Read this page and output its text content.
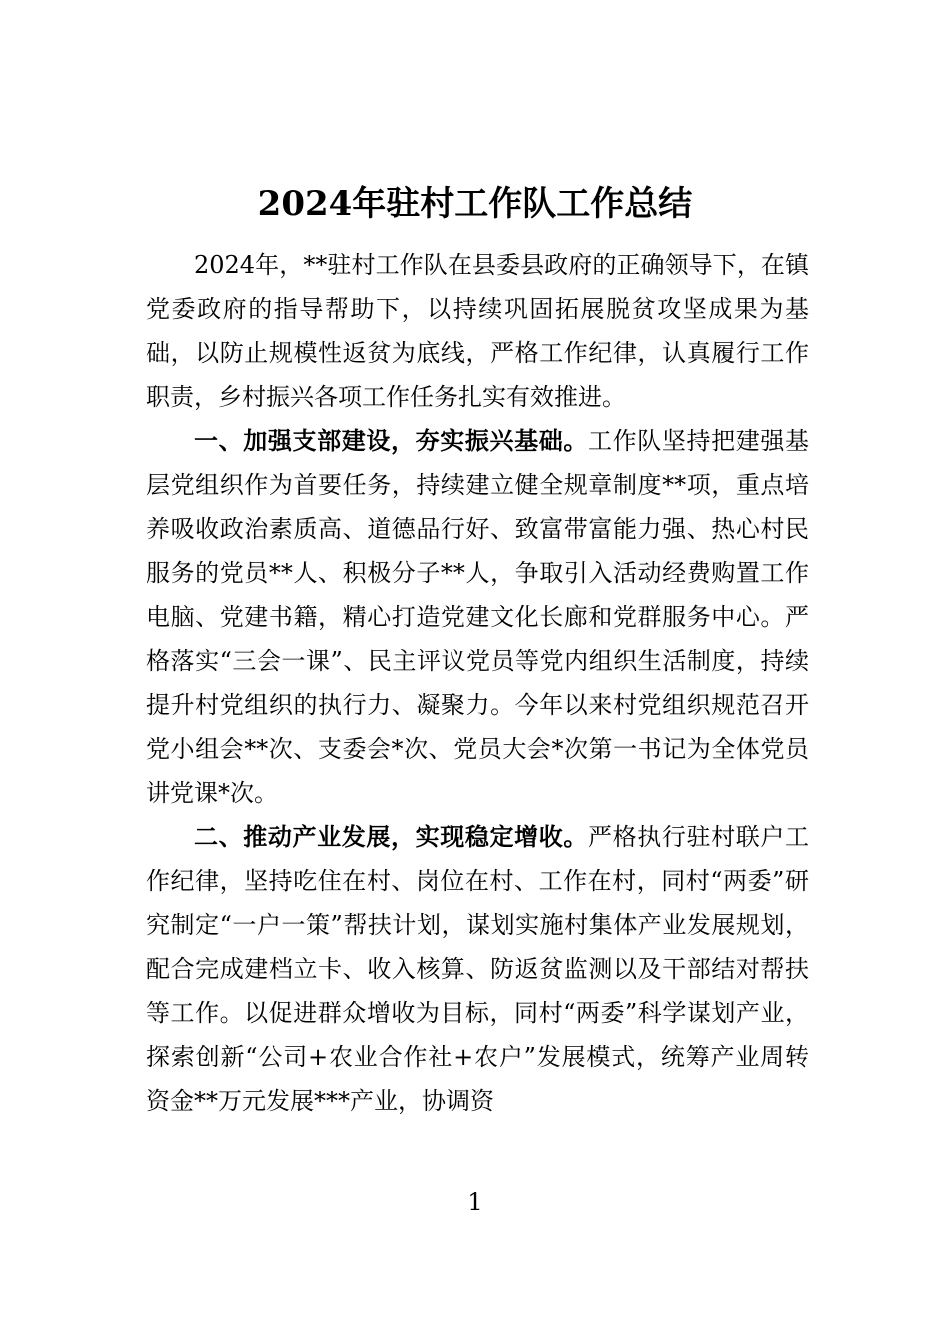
2024年驻村工作队工作总结

2024年，**驻村工作队在县委县政府的正确领导下，在镇党委政府的指导帮助下，以持续巩固拓展脱贫攻坚成果为基础，以防止规模性返贫为底线，严格工作纪律，认真履行工作职责，乡村振兴各项工作任务扎实有效推进。

一、加强支部建设，夯实振兴基础。工作队坚持把建强基层党组织作为首要任务，持续建立健全规章制度**项，重点培养吸收政治素质高、道德品行好、致富带富能力强、热心村民服务的党员**人、积极分子**人，争取引入活动经费购置工作电脑、党建书籍，精心打造党建文化长廊和党群服务中心。严格落实“三会一课”、民主评议党员等党内组织生活制度，持续提升村党组织的执行力、凝聚力。今年以来村党组织规范召开党小组会**次、支委会*次、党员大会*次第一书记为全体党员讲党课*次。

二、推动产业发展，实现稳定增收。严格执行驻村联户工作纪律，坚持吃住在村、岗位在村、工作在村，同村“两委”研究制定“一户一策”帮扶计划，谋划实施村集体产业发展规划，配合完成建档立卡、收入核算、防返贫监测以及干部结对帮扶等工作。以促进群众增收为目标，同村“两委”科学谋划产业，探索创新“公司+农业合作社+农户”发展模式，统筹产业周转资金**万元发展***产业，协调资

1
